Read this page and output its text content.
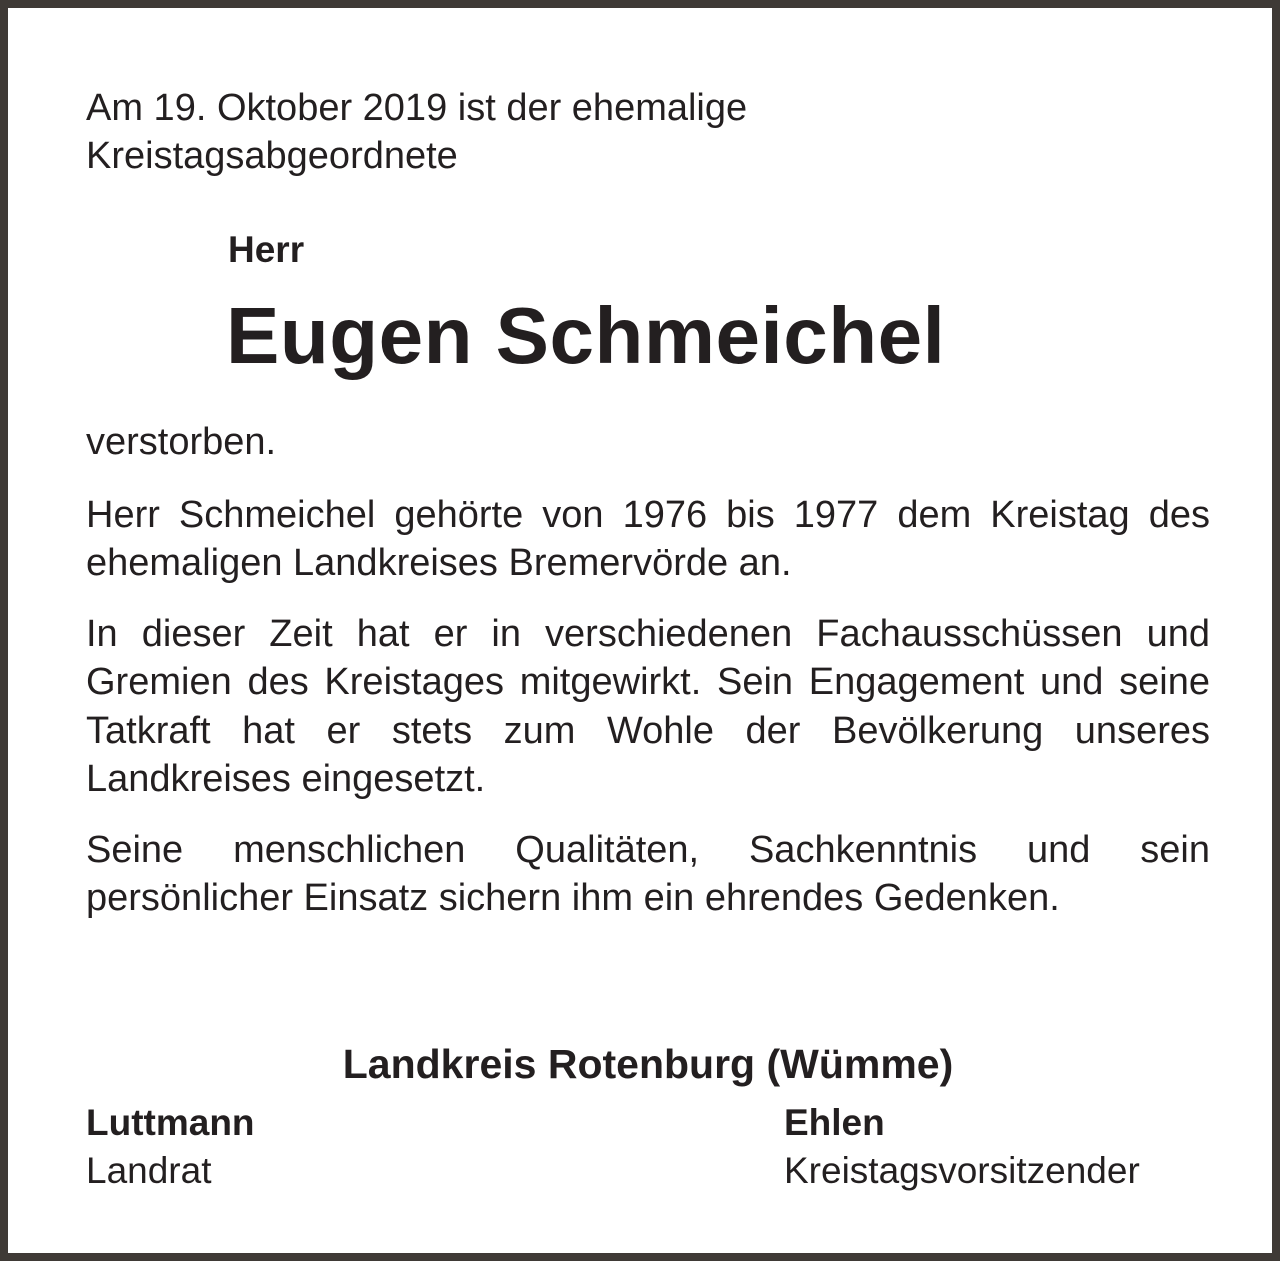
Am 19. Oktober 2019 ist der ehemalige
Kreistagsabgeordnete
Herr
Eugen Schmeichel

verstorben.

Herr Schmeichel gehörte von 1976 bis 1977 dem Kreistag des ehemaligen Landkreises Bremervörde an.

In dieser Zeit hat er in verschiedenen Fachausschüssen und Gremien des Kreistages mitgewirkt. Sein Engagement und seine Tatkraft hat er stets zum Wohle der Bevölkerung unseres Landkreises eingesetzt.

Seine menschlichen Qualitäten, Sachkenntnis und sein persönlicher Einsatz sichern ihm ein ehrendes Gedenken.

Landkreis Rotenburg (Wümme)
Luttmann
Landrat
Ehlen
Kreistagsvorsitzender
